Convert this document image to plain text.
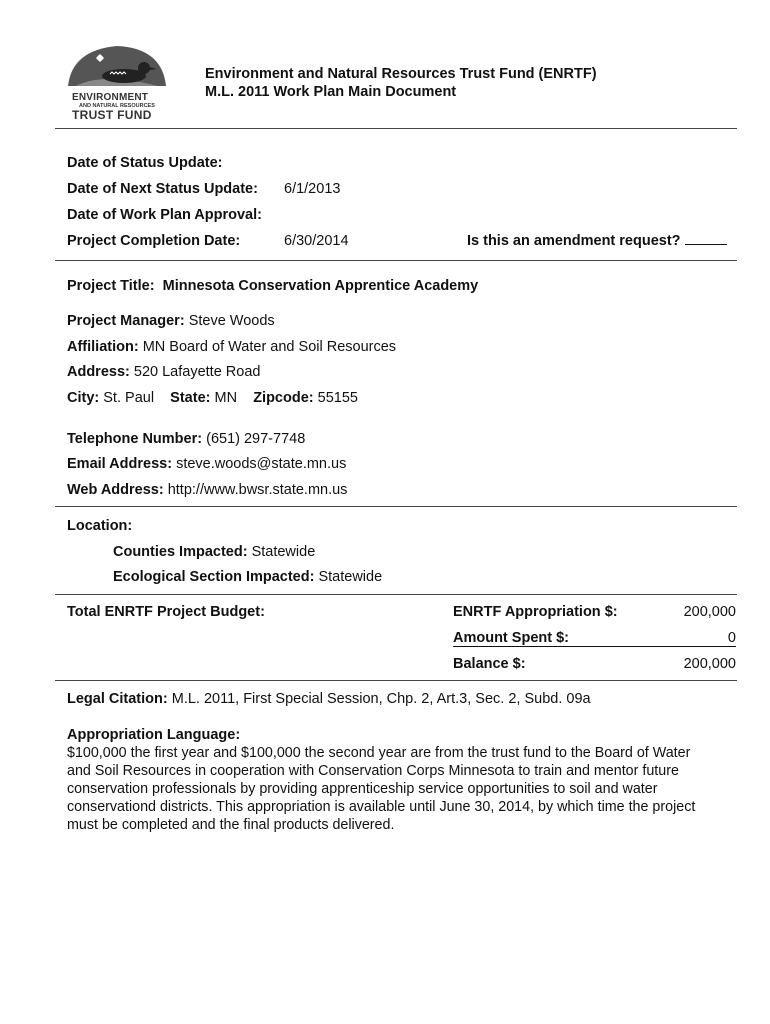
ENVIRONMENT
AND NATURAL RESOURCES
TRUST FUND
Environment and Natural Resources Trust Fund (ENRTF)
M.L. 2011 Work Plan Main Document
Date of Status Update:
Date of Next Status Update: 6/1/2013
Date of Work Plan Approval:
Project Completion Date:	6/30/2014	Is this an amendment request?
Project Title: Minnesota Conservation Apprentice Academy
Project Manager: Steve Woods
Affiliation: MN Board of Water and Soil Resources
Address: 520 Lafayette Road
City: St. Paul State: MN Zipcode: 55155
Telephone Number: (651) 297-7748
Email Address: steve.woods@state.mn.us
Web Address: http://www.bwsr.state.mn.us
Location:
Counties Impacted: Statewide
Ecological Section Impacted: Statewide
Total ENRTF Project Budget:	ENRTF Appropriation $:	200,000
Amount Spent $:	0
Balance $:	200,000
Legal Citation: M.L. 2011, First Special Session, Chp. 2, Art.3, Sec. 2, Subd. 09a
Appropriation Language:
$100,000 the first year and $100,000 the second year are from the trust fund to the Board of Water and Soil Resources in cooperation with Conservation Corps Minnesota to train and mentor future conservation professionals by providing apprenticeship service opportunities to soil and water conservationd districts. This appropriation is available until June 30, 2014, by which time the project must be completed and the final products delivered.
